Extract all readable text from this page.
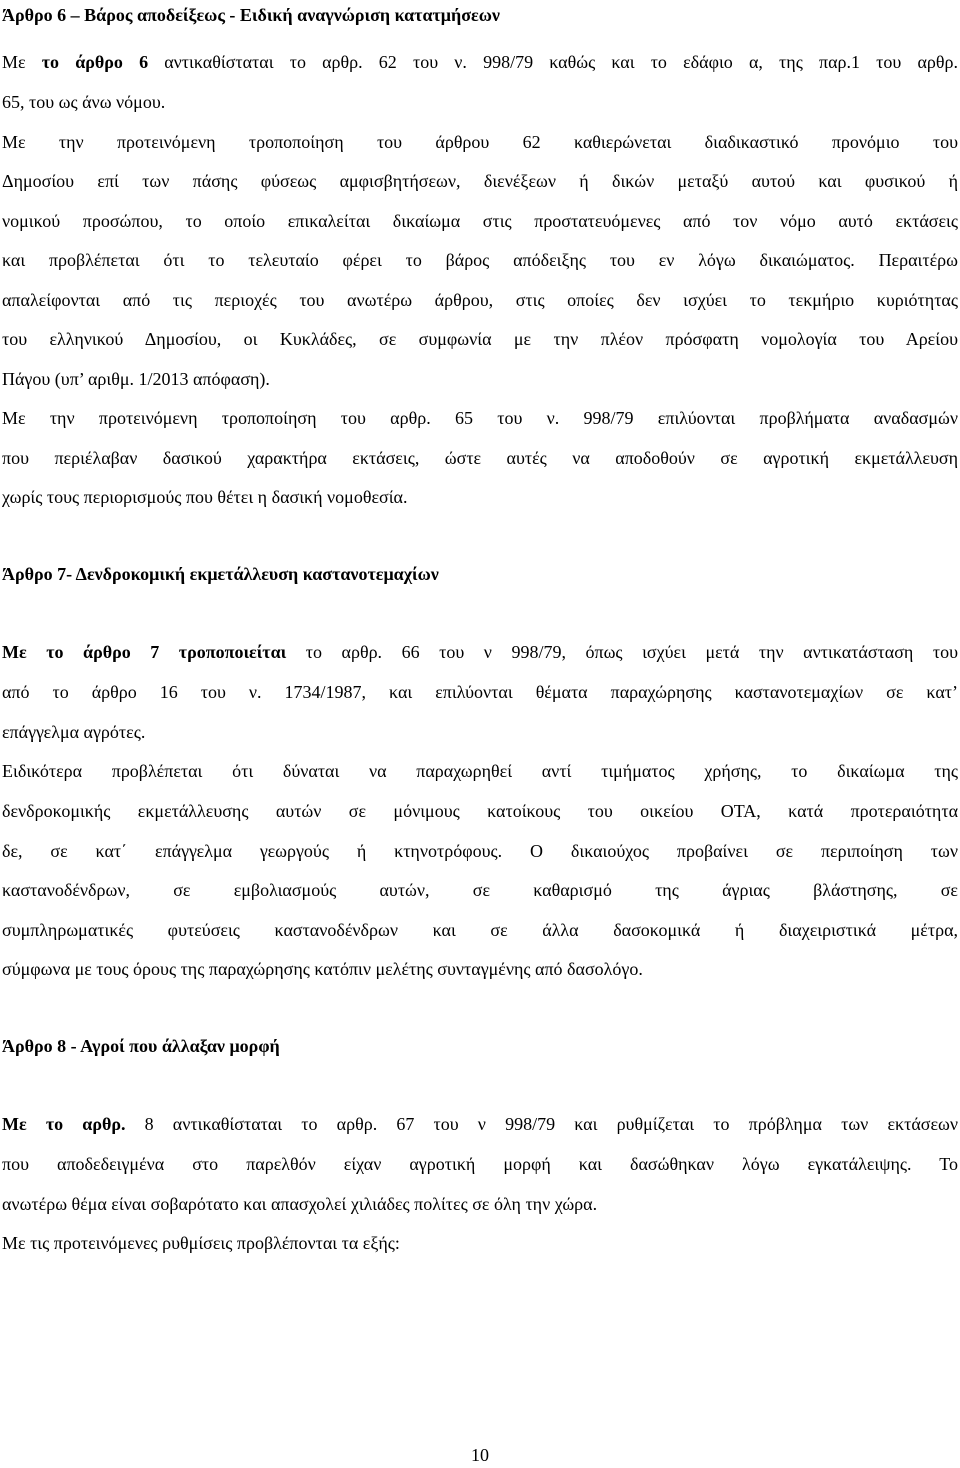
Άρθρο 6 – Βάρος αποδείξεως - Ειδική αναγνώριση κατατμήσεων
Με το άρθρο 6 αντικαθίσταται το αρθρ. 62 του ν. 998/79 καθώς και το εδάφιο α, της παρ.1 του αρθρ.
65, του ως άνω νόμου.
Με την προτεινόμενη τροποποίηση του άρθρου 62 καθιερώνεται διαδικαστικό προνόμιο του
Δημοσίου επί των πάσης φύσεως αμφισβητήσεων, διενέξεων ή δικών μεταξύ αυτού και φυσικού ή
νομικού προσώπου, το οποίο επικαλείται δικαίωμα στις προστατευόμενες από τον νόμο αυτό εκτάσεις
και προβλέπεται ότι το τελευταίο φέρει το βάρος απόδειξης του εν λόγω δικαιώματος. Περαιτέρω
απαλείφονται από τις περιοχές του ανωτέρω άρθρου, στις οποίες δεν ισχύει το τεκμήριο κυριότητας
του ελληνικού Δημοσίου, οι Κυκλάδες, σε συμφωνία με την πλέον πρόσφατη νομολογία του Αρείου
Πάγου (υπ’ αριθμ. 1/2013 απόφαση).
Με την προτεινόμενη τροποποίηση του αρθρ. 65 του ν. 998/79 επιλύονται προβλήματα αναδασμών
που περιέλαβαν δασικού χαρακτήρα εκτάσεις, ώστε αυτές να αποδοθούν σε αγροτική εκμετάλλευση
χωρίς τους περιορισμούς που θέτει η δασική νομοθεσία.
Άρθρο 7- Δενδροκομική εκμετάλλευση καστανοτεμαχίων
Με το άρθρο 7 τροποποιείται το αρθρ. 66 του ν 998/79, όπως ισχύει μετά την αντικατάσταση του
από το άρθρο 16 του ν. 1734/1987, και επιλύονται θέματα παραχώρησης καστανοτεμαχίων σε κατ’
επάγγελμα αγρότες.
Ειδικότερα προβλέπεται ότι δύναται να παραχωρηθεί αντί τιμήματος χρήσης, το δικαίωμα της
δενδροκομικής εκμετάλλευσης αυτών σε μόνιμους κατοίκους του οικείου ΟΤΑ, κατά προτεραιότητα
δε, σε κατ΄ επάγγελμα γεωργούς ή κτηνοτρόφους. Ο δικαιούχος προβαίνει σε περιποίηση των
καστανοδένδρων, σε εμβολιασμούς αυτών, σε καθαρισμό της άγριας βλάστησης, σε
συμπληρωματικές φυτεύσεις καστανοδένδρων και σε άλλα δασοκομικά ή διαχειριστικά μέτρα,
σύμφωνα με τους όρους της παραχώρησης κατόπιν μελέτης συνταγμένης από δασολόγο.
Άρθρο 8 - Αγροί που άλλαξαν μορφή
Με το αρθρ. 8 αντικαθίσταται το αρθρ. 67 του ν 998/79 και ρυθμίζεται το πρόβλημα των εκτάσεων
που αποδεδειγμένα στο παρελθόν είχαν αγροτική μορφή και δασώθηκαν λόγω εγκατάλειψης. Το
ανωτέρω θέμα είναι σοβαρότατο και απασχολεί χιλιάδες πολίτες σε όλη την χώρα.
Με τις προτεινόμενες ρυθμίσεις προβλέπονται τα εξής:
10
